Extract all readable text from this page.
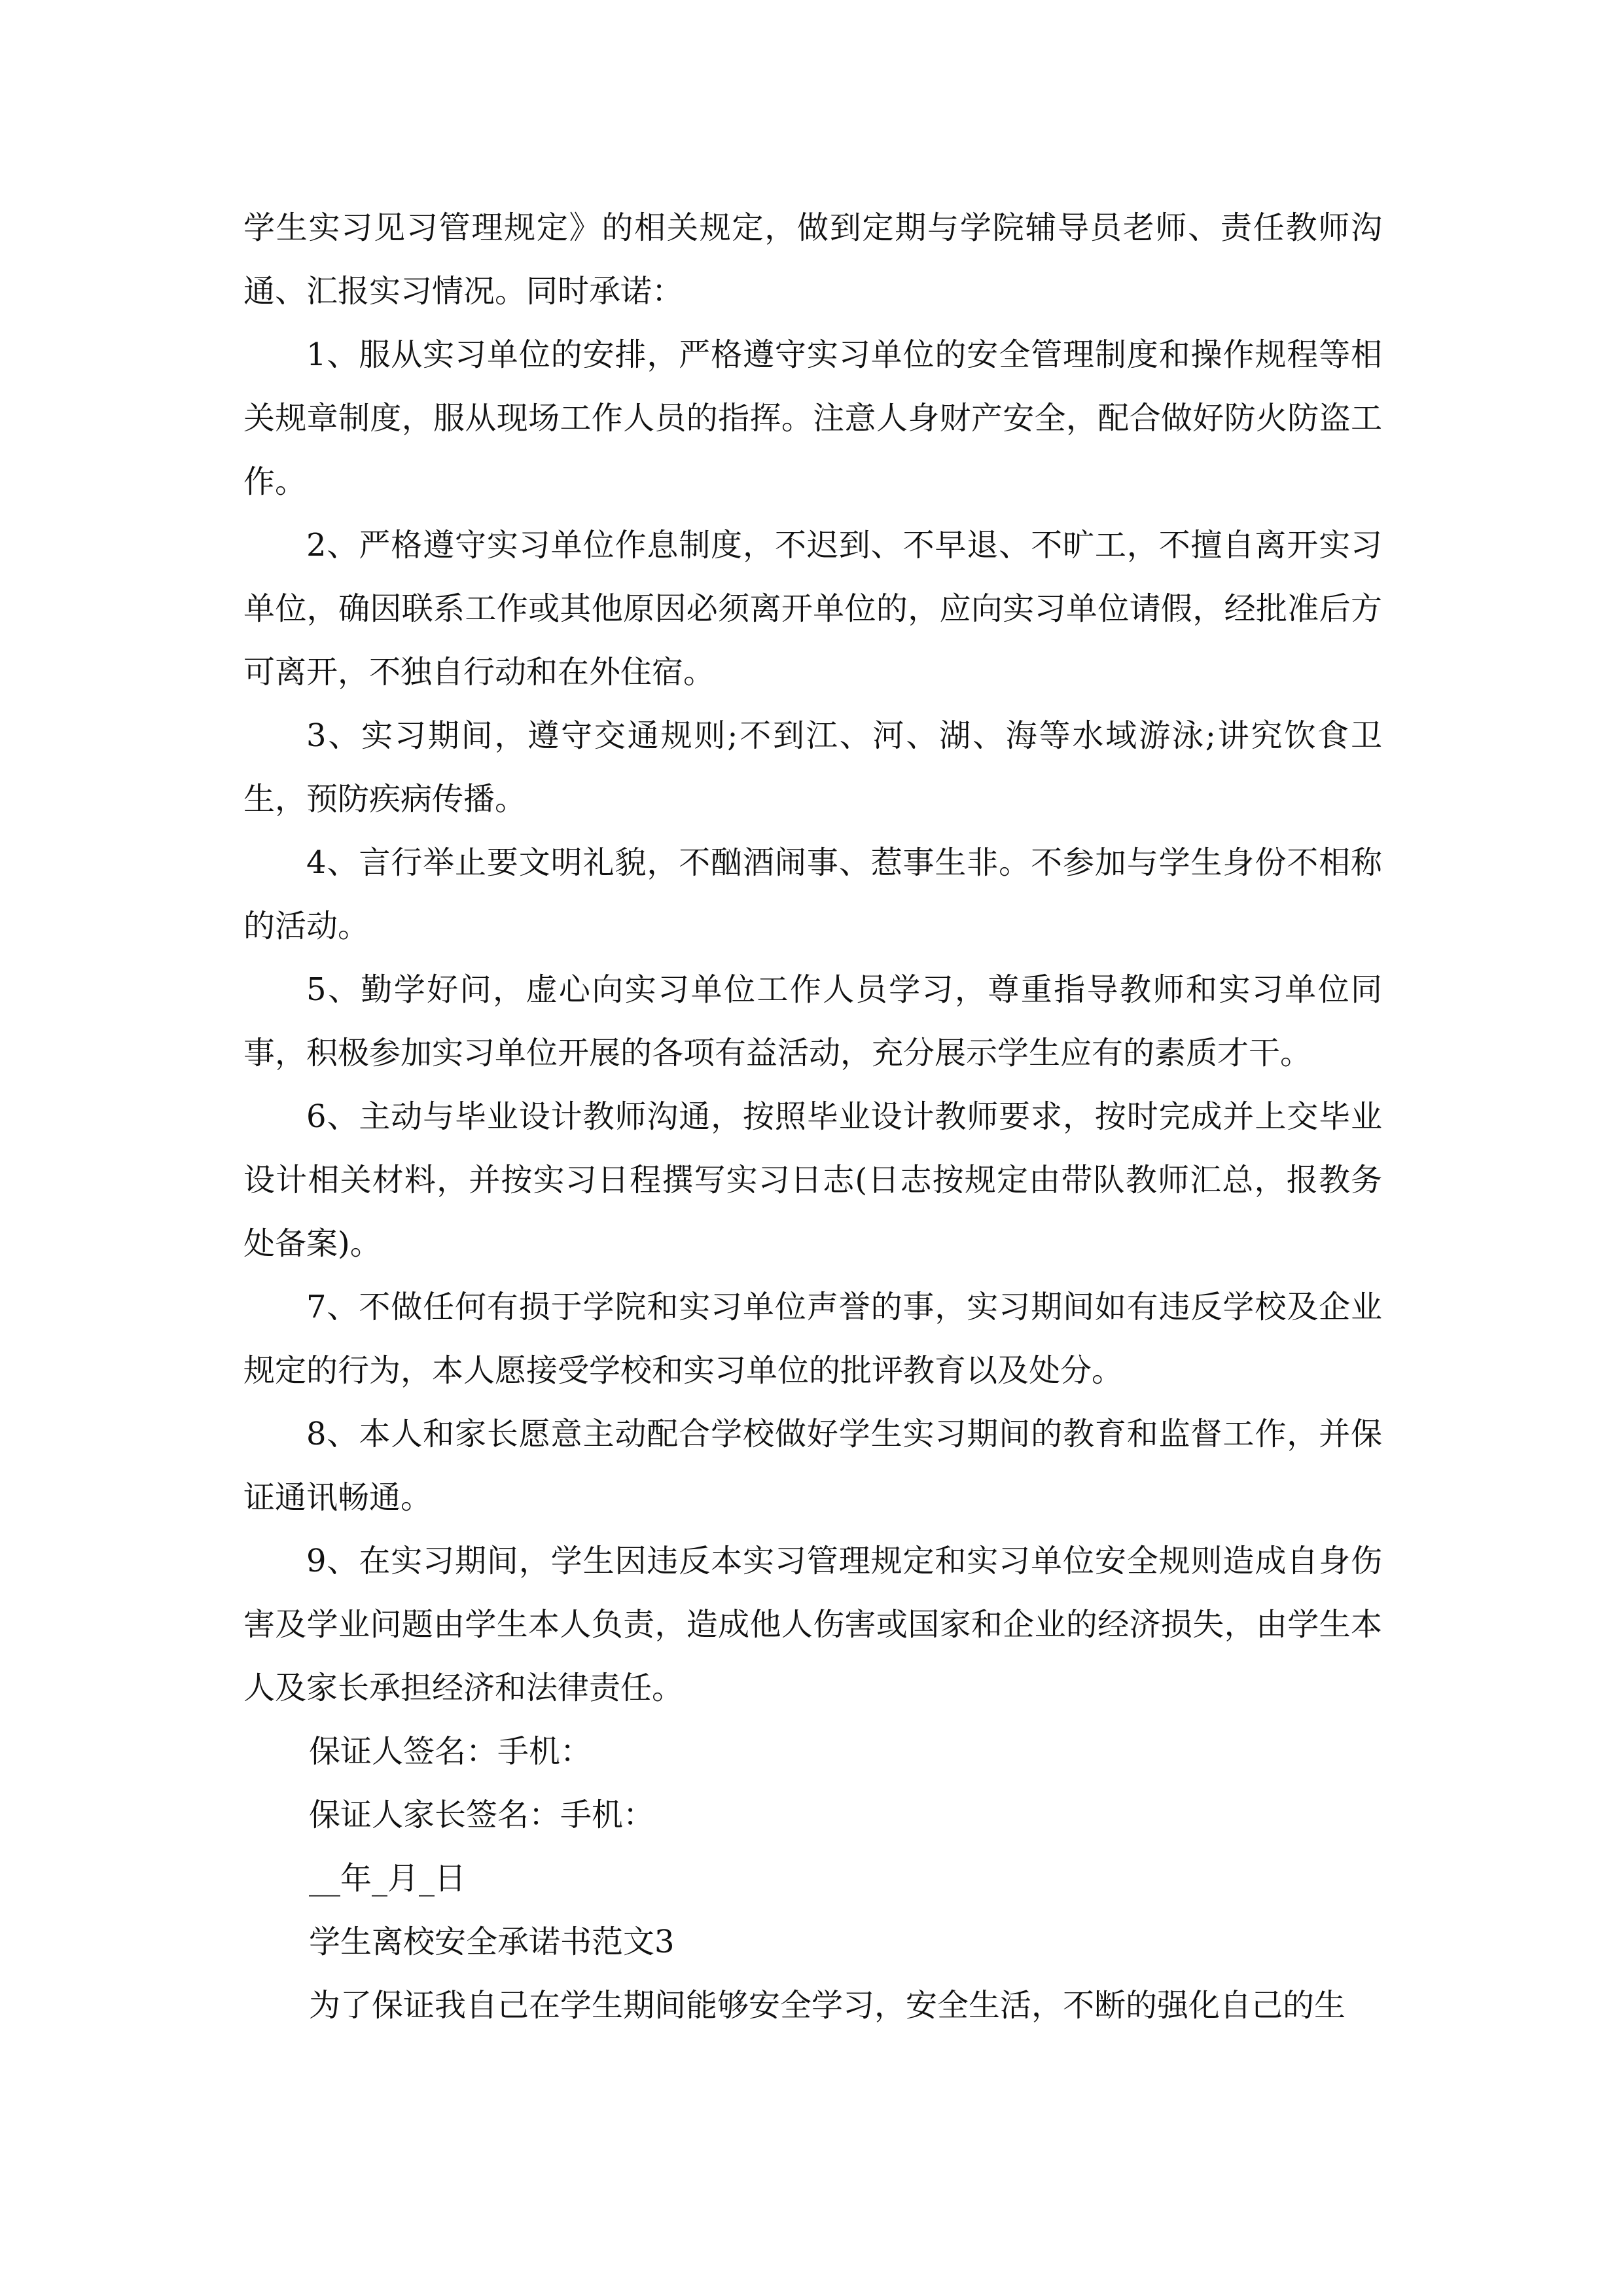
学生实习见习管理规定》的相关规定，做到定期与学院辅导员老师、责任教师沟通、汇报实习情况。同时承诺：

1、服从实习单位的安排，严格遵守实习单位的安全管理制度和操作规程等相关规章制度，服从现场工作人员的指挥。注意人身财产安全，配合做好防火防盗工作。

2、严格遵守实习单位作息制度，不迟到、不早退、不旷工，不擅自离开实习单位，确因联系工作或其他原因必须离开单位的，应向实习单位请假，经批准后方可离开，不独自行动和在外住宿。

3、实习期间，遵守交通规则;不到江、河、湖、海等水域游泳;讲究饮食卫生，预防疾病传播。

4、言行举止要文明礼貌，不酗酒闹事、惹事生非。不参加与学生身份不相称的活动。

5、勤学好问，虚心向实习单位工作人员学习，尊重指导教师和实习单位同事，积极参加实习单位开展的各项有益活动，充分展示学生应有的素质才干。

6、主动与毕业设计教师沟通，按照毕业设计教师要求，按时完成并上交毕业设计相关材料，并按实习日程撰写实习日志(日志按规定由带队教师汇总，报教务处备案)。

7、不做任何有损于学院和实习单位声誉的事，实习期间如有违反学校及企业规定的行为，本人愿接受学校和实习单位的批评教育以及处分。

8、本人和家长愿意主动配合学校做好学生实习期间的教育和监督工作，并保证通讯畅通。

9、在实习期间，学生因违反本实习管理规定和实习单位安全规则造成自身伤害及学业问题由学生本人负责，造成他人伤害或国家和企业的经济损失，由学生本人及家长承担经济和法律责任。

保证人签名：手机：

保证人家长签名：手机：

__年_月_日

学生离校安全承诺书范文3

为了保证我自己在学生期间能够安全学习，安全生活，不断的强化自己的生
